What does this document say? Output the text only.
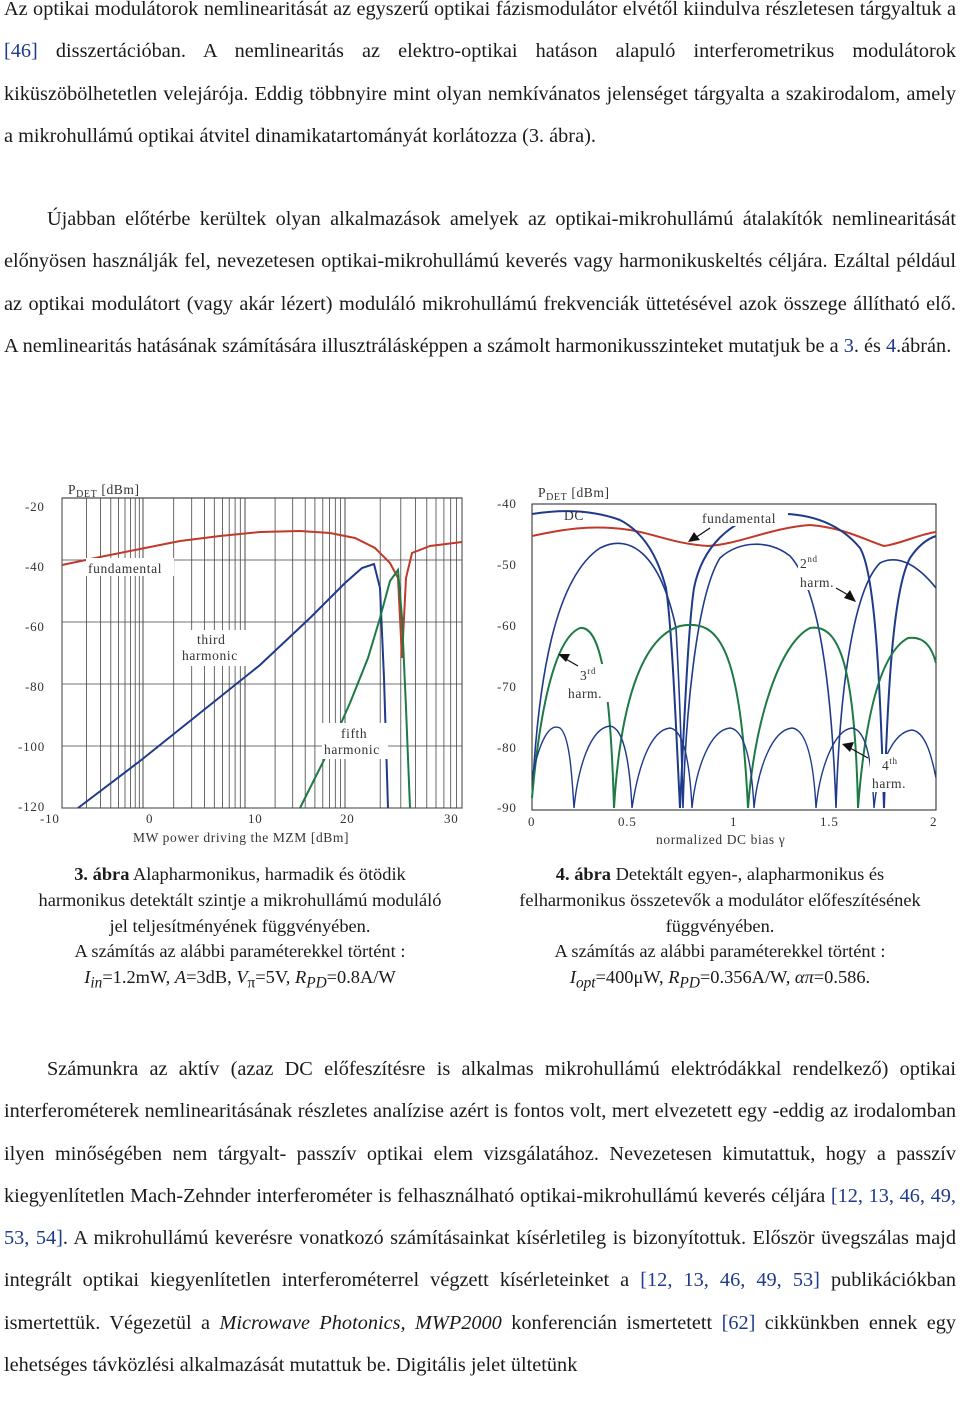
Az optikai modulátorok nemlinearitását az egyszerű optikai fázismodulátor elvétől kiindulva részletesen tárgyaltuk a [46] disszertációban. A nemlinearitás az elektro-optikai hatáson alapuló interferometrikus modulátorok kiküszöbölhetetlen velejárója. Eddig többnyire mint olyan nemkívánatos jelenséget tárgyalta a szakirodalom, amely a mikrohullámú optikai átvitel dinamikatartományát korlátozza (3. ábra).

Újabban előtérbe kerültek olyan alkalmazások amelyek az optikai-mikrohullámú átalakítók nemlinearitását előnyösen használják fel, nevezetesen optikai-mikrohullámú keverés vagy harmonikuskeltés céljára. Ezáltal például az optikai modulátort (vagy akár lézert) moduláló mikrohullámú frekvenciák üttetésével azok összege állítható elő. A nemlinearitás hatásának számítására illusztrálásképpen a számolt harmonikusszinteket mutatjuk be a 3. és 4.ábrán.

-20
-40
-60
-80
-100
-120
$P_{DET}$ [dBm]
fundamental
third
harmonic
fifth
harmonic
-10	0	10	20	30
MW power driving the MZM [dBm]
-40
-50
-60
-70
-80
-90
$P_{DET}$ [dBm]
DC	fundamental
2nd
harm.
3rd
harm.
4th
harm.
0	0.5	1	1.5	2
normalized DC bias γ

3. ábra Alapharmonikus, harmadik és ötödik harmonikus detektált szintje a mikrohullámú moduláló jel teljesítményének függvényében.
A számítás az alábbi paraméterekkel történt :
$I_{in}=1.2mW$, A=3dB, $V_\pi=5V$, $R_{PD}=0.8A/W$

4. ábra Detektált egyen-, alapharmonikus és felharmonikus összetevők a modulátor előfeszítésének függvényében.
A számítás az alábbi paraméterekkel történt :
$I_{opt}=400\mu W$, $R_{PD}=0.356A/W$, απ=0.586.

Számunkra az aktív (azaz DC előfeszítésre is alkalmas mikrohullámú elektródákkal rendelkező) optikai interferométerek nemlinearitásának részletes analízise azért is fontos volt, mert elvezetett egy -eddig az irodalomban ilyen minőségében nem tárgyalt- passzív optikai elem vizsgálatához. Nevezetesen kimutattuk, hogy a passzív kiegyenlítetlen Mach-Zehnder interferométer is felhasználható optikai-mikrohullámú keverés céljára [12, 13, 46, 49, 53, 54]. A mikrohullámú keverésre vonatkozó számításainkat kísérletileg is bizonyítottuk. Először üvegszálas majd integrált optikai kiegyenlítetlen interferométerrel végzett kísérleteinket a [12, 13, 46, 49, 53] publikációkban ismertettük. Végezetül a Microwave Photonics, MWP2000 konferencián ismertetett [62] cikkünkben ennek egy lehetséges távközlési alkalmazását mutattuk be. Digitális jelet ültetünk
